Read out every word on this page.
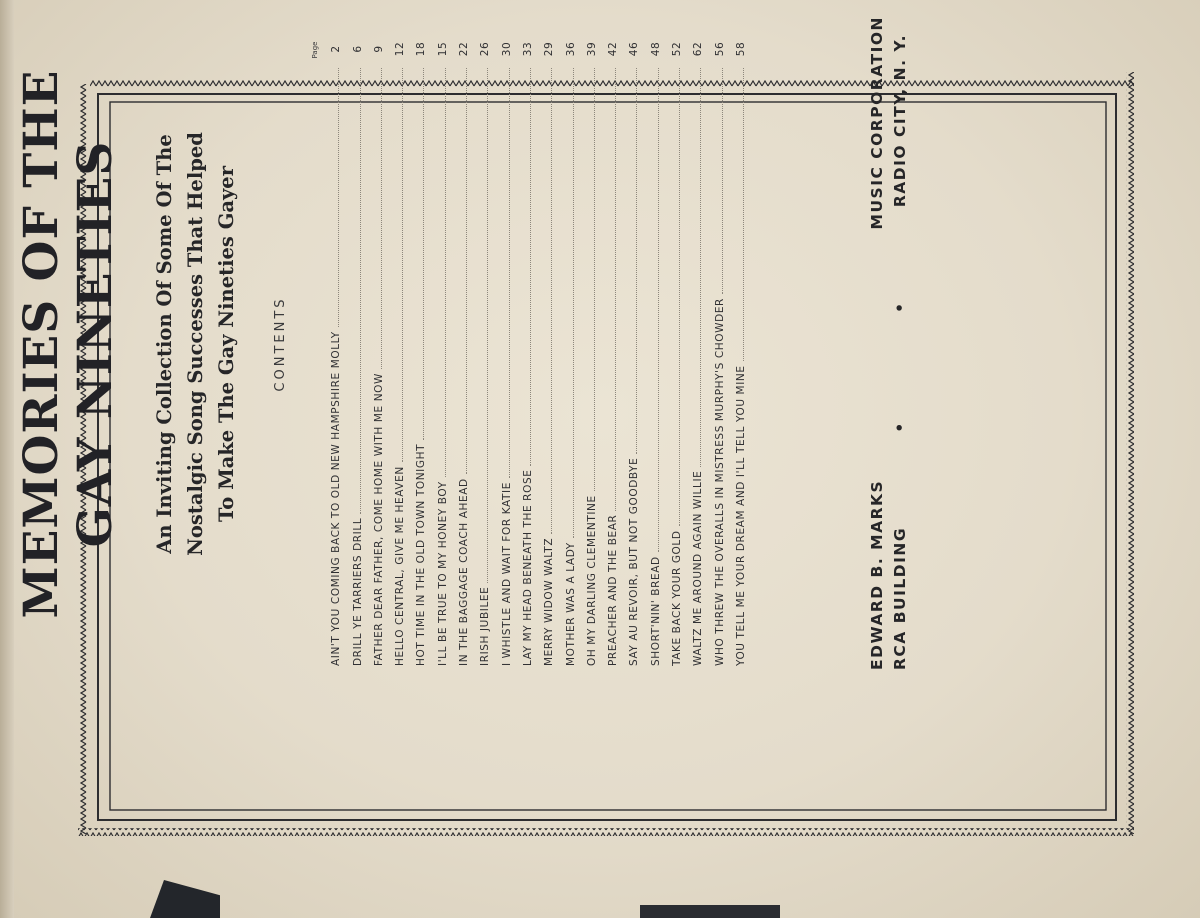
MEMORIES OF THE GAY NINETIES An Inviting Collection Of Some Of The Nostalgic Song Successes That Helped To Make The Gay Nineties Gayer	CONTENTS
Page
AIN'T YOU COMING BACK TO OLD NEW HAMPSHIRE MOLLY
2
DRILL YE TARRIERS DRILL
6
FATHER DEAR FATHER, COME HOME WITH ME NOW
9
HELLO CENTRAL, GIVE ME HEAVEN
12
HOT TIME IN THE OLD TOWN TONIGHT
18
I'LL BE TRUE TO MY HONEY BOY
15
IN THE BAGGAGE COACH AHEAD
22
IRISH JUBILEE
26
I WHISTLE AND WAIT FOR KATIE
30
LAY MY HEAD BENEATH THE ROSE
33
MERRY WIDOW WALTZ
29
MOTHER WAS A LADY
36
OH MY DARLING CLEMENTINE
39
PREACHER AND THE BEAR
42
SAY AU REVOIR, BUT NOT GOODBYE
46
SHORT'NIN' BREAD
48
TAKE BACK YOUR GOLD
52
WALTZ ME AROUND AGAIN WILLIE
62
WHO THREW THE OVERALLS IN MISTRESS MURPHY'S CHOWDER
56
YOU TELL ME YOUR DREAM AND I'LL TELL YOU MINE
58
EDWARD B. MARKS
MUSIC CORPORATION
RCA BUILDING
•
•
RADIO CITY, N. Y.
